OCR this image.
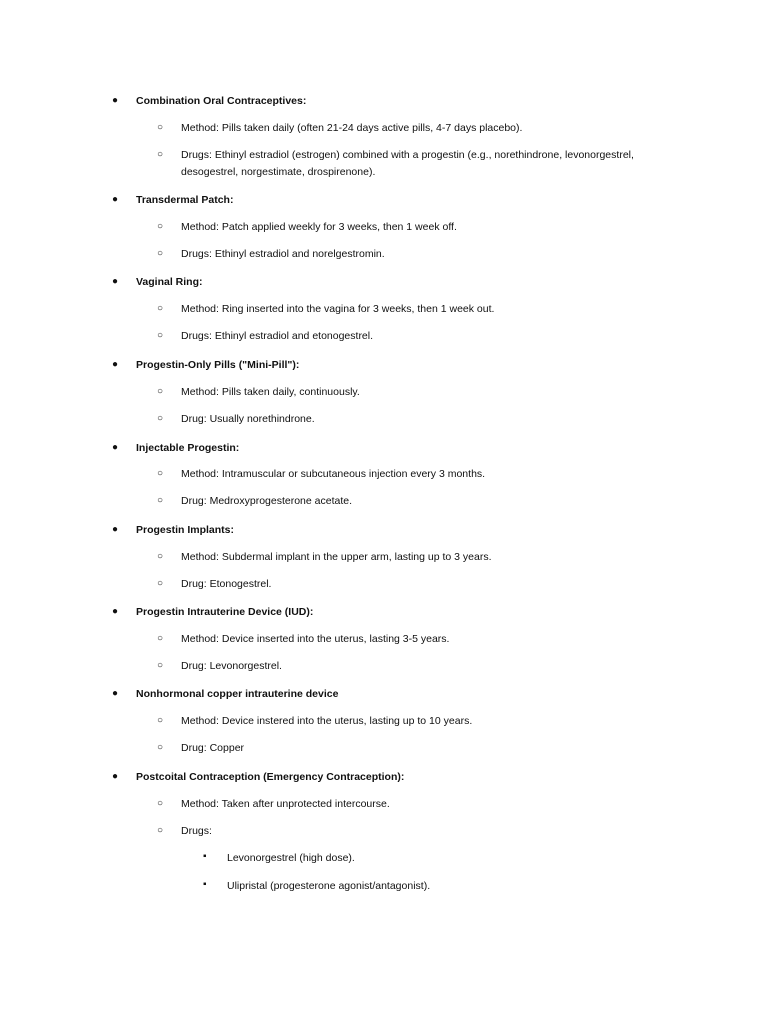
● Combination Oral Contraceptives:
○ Method: Pills taken daily (often 21-24 days active pills, 4-7 days placebo).
○ Drugs: Ethinyl estradiol (estrogen) combined with a progestin (e.g., norethindrone, levonorgestrel, desogestrel, norgestimate, drospirenone).
● Transdermal Patch:
○ Method: Patch applied weekly for 3 weeks, then 1 week off.
○ Drugs: Ethinyl estradiol and norelgestromin.
● Vaginal Ring:
○ Method: Ring inserted into the vagina for 3 weeks, then 1 week out.
○ Drugs: Ethinyl estradiol and etonogestrel.
● Progestin-Only Pills ("Mini-Pill"):
○ Method: Pills taken daily, continuously.
○ Drug: Usually norethindrone.
● Injectable Progestin:
○ Method: Intramuscular or subcutaneous injection every 3 months.
○ Drug: Medroxyprogesterone acetate.
● Progestin Implants:
○ Method: Subdermal implant in the upper arm, lasting up to 3 years.
○ Drug: Etonogestrel.
● Progestin Intrauterine Device (IUD):
○ Method: Device inserted into the uterus, lasting 3-5 years.
○ Drug: Levonorgestrel.
● Nonhormonal copper intrauterine device
○ Method: Device instered into the uterus, lasting up to 10 years.
○ Drug: Copper
● Postcoital Contraception (Emergency Contraception):
○ Method: Taken after unprotected intercourse.
○ Drugs:
▪ Levonorgestrel (high dose).
▪ Ulipristal (progesterone agonist/antagonist).
